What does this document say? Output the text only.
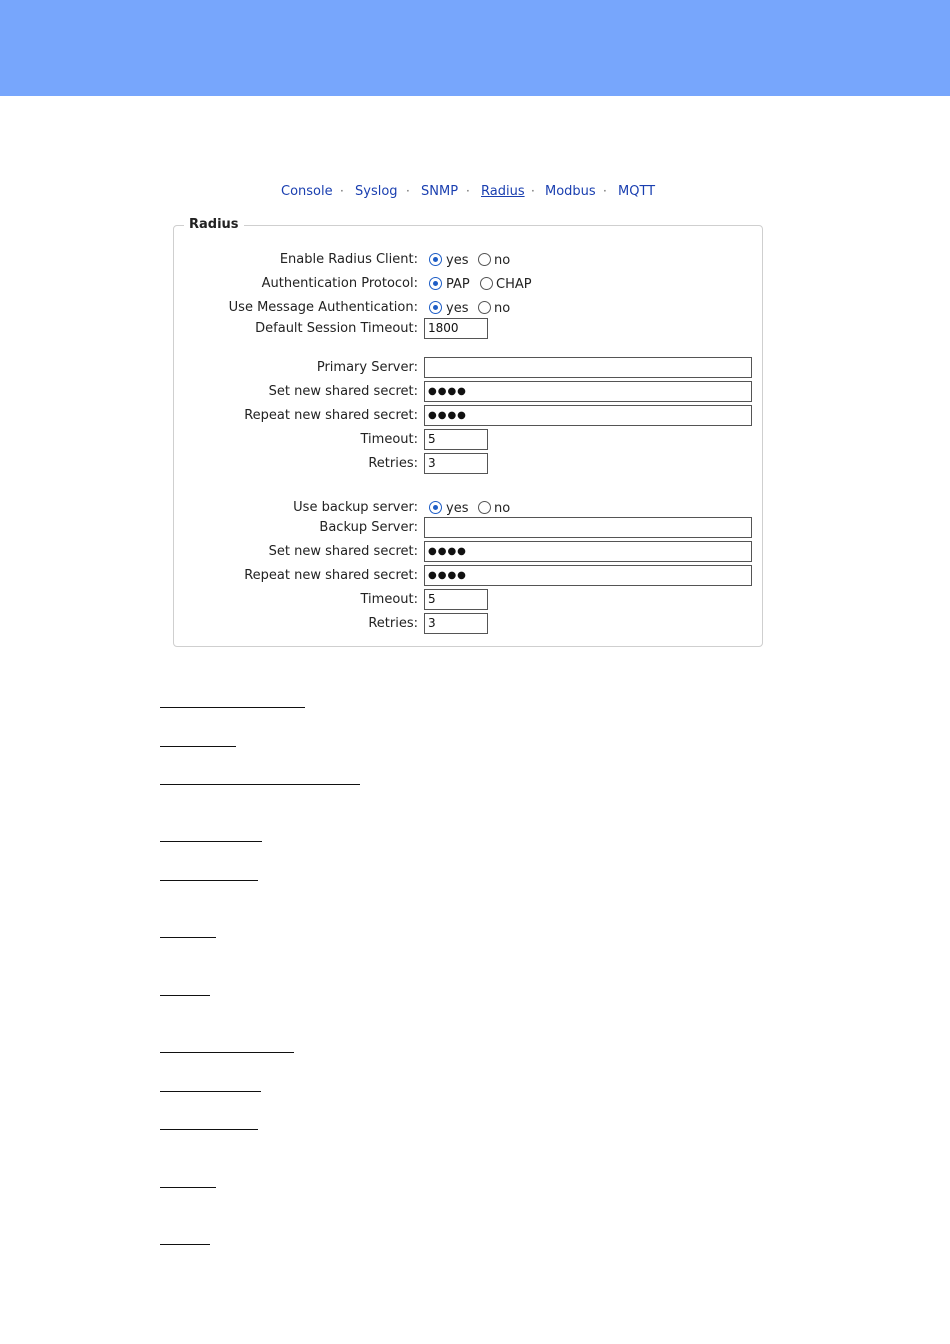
Console · Syslog · SNMP · Radius · Modbus · MQTT
Radius
Enable Radius Client: yes no
Authentication Protocol: PAP CHAP
Use Message Authentication: yes no
Default Session Timeout: 1800
Primary Server:
Set new shared secret:	●●●●
Repeat new shared secret:	●●●●
Timeout: 5
Retries: 3
Use backup server: yes no
Backup Server:
Set new shared secret:	●●●●
Repeat new shared secret:	●●●●
Timeout: 5
Retries: 3
